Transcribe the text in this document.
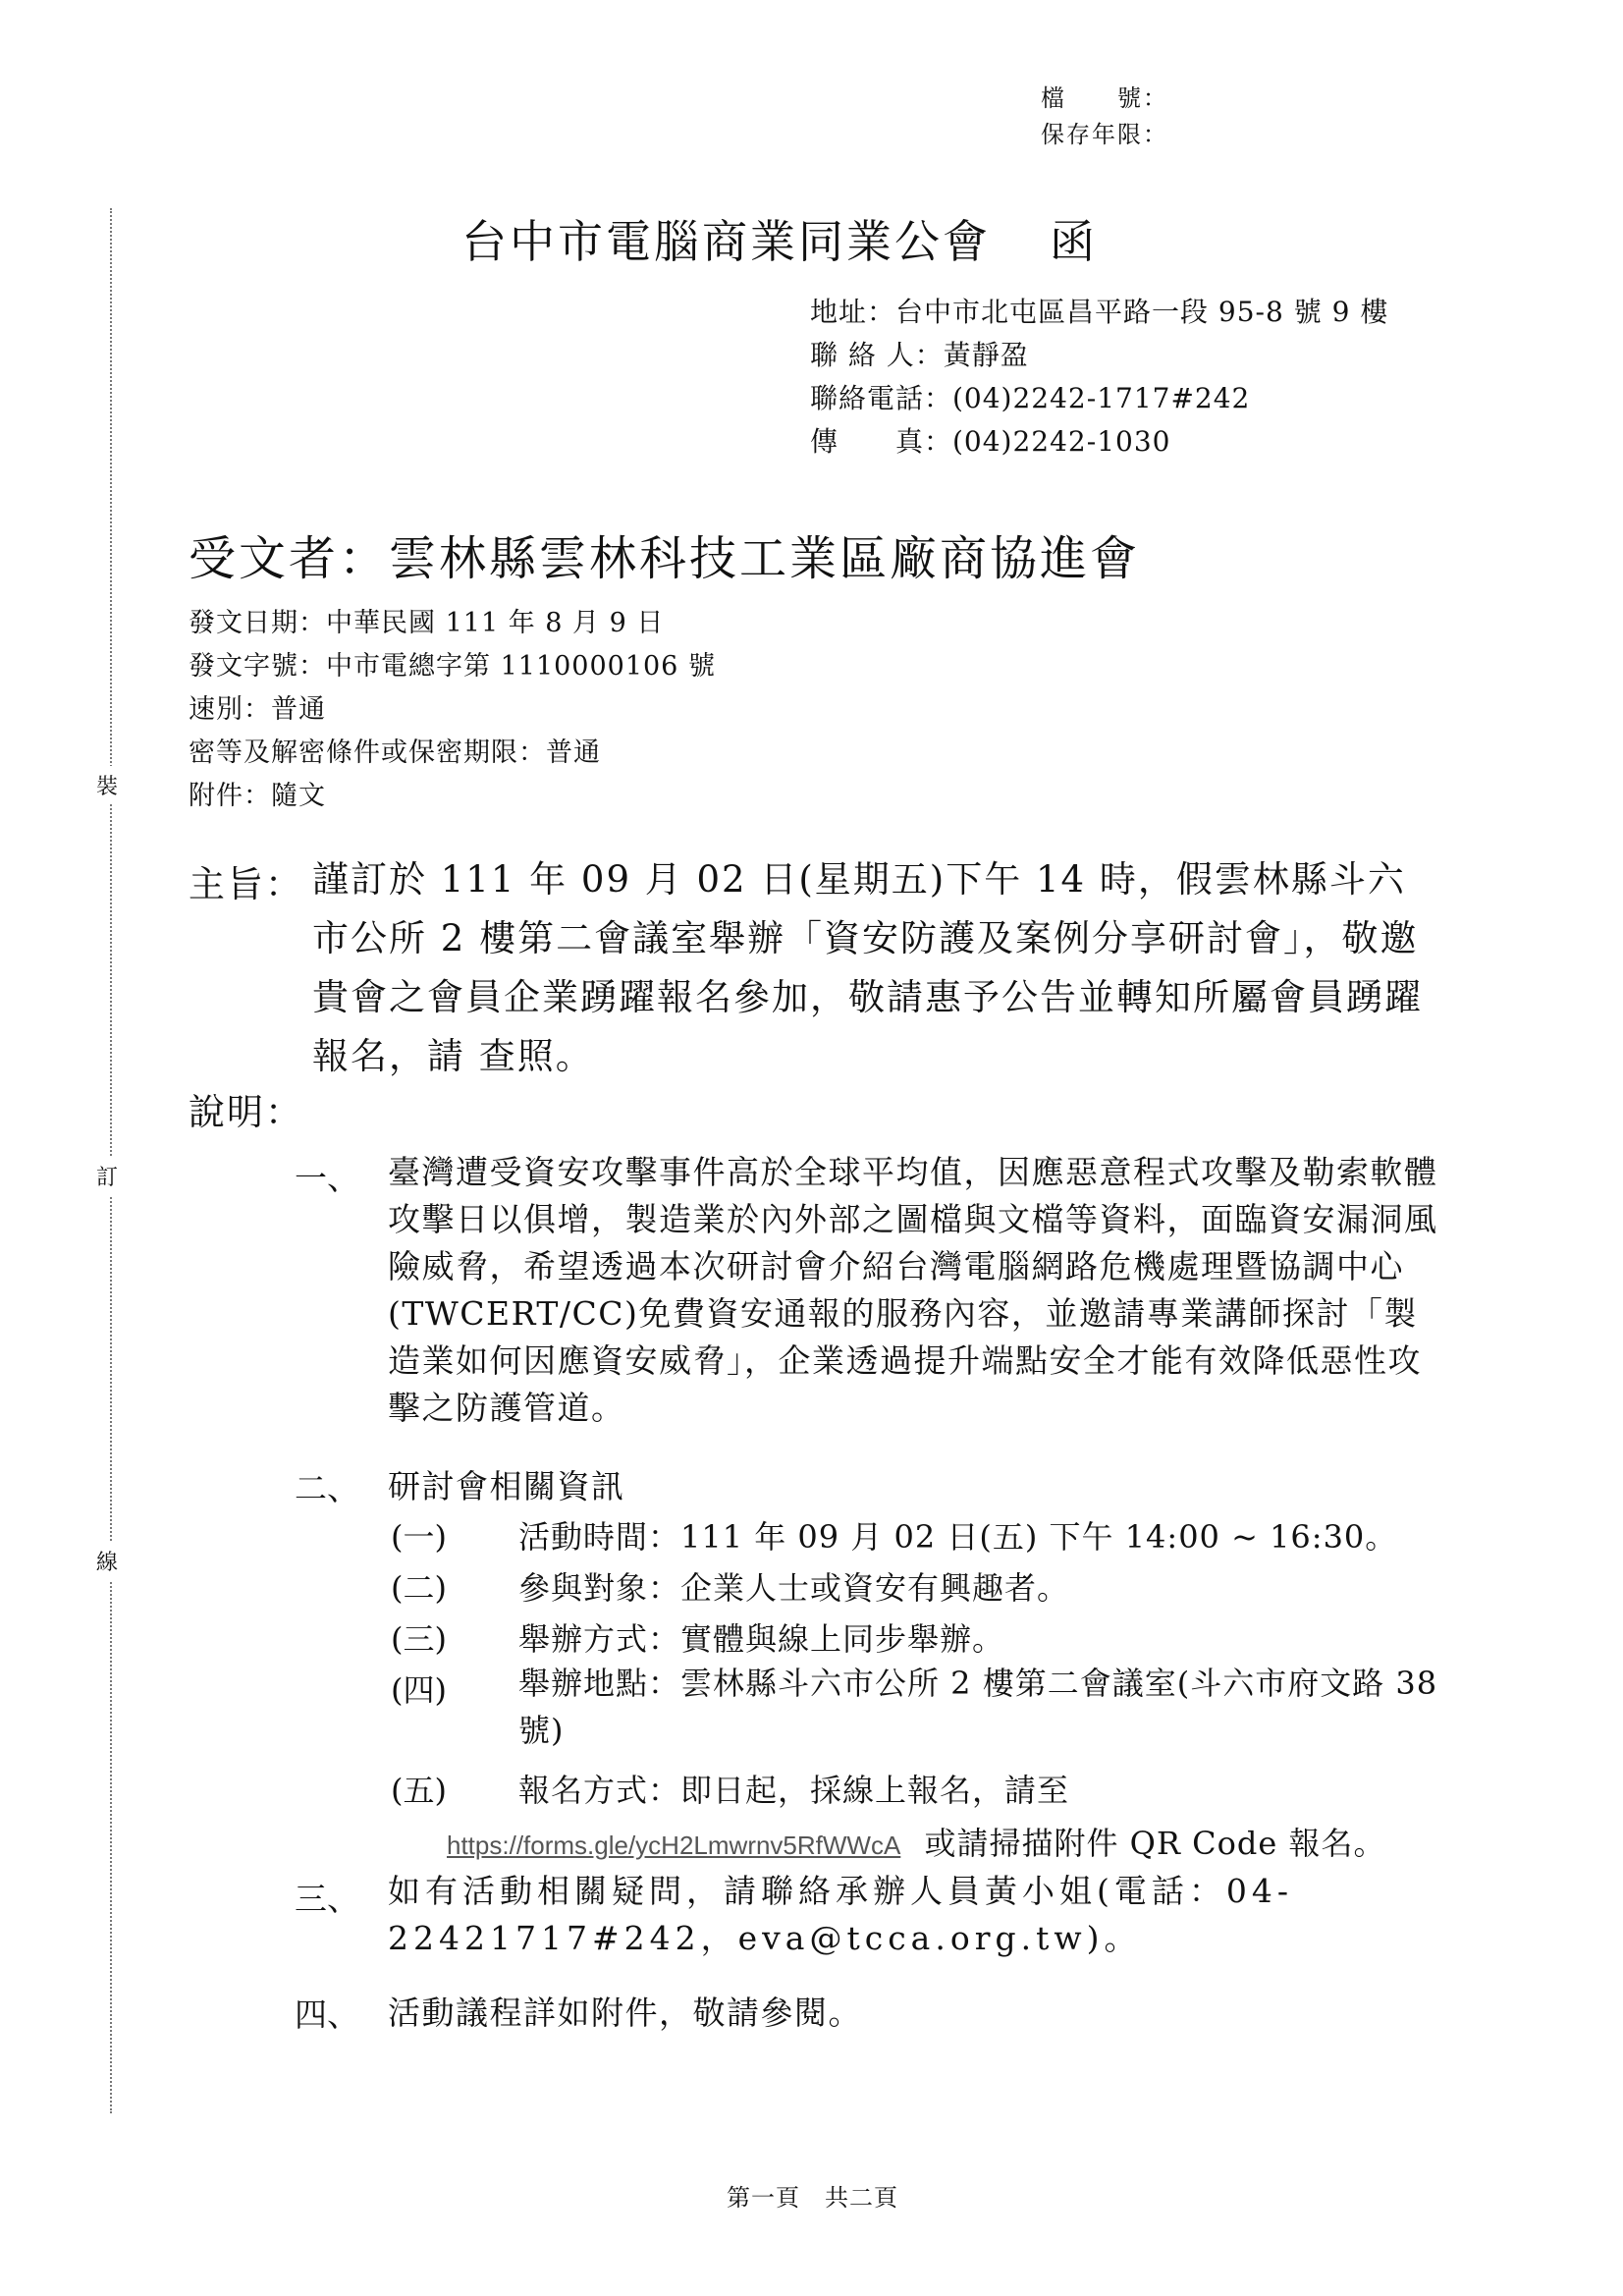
檔　　號：
保存年限：
裝
訂
線
台中市電腦商業同業公會 函
地址：台中市北屯區昌平路一段 95-8 號 9 樓
聯 絡 人：黃靜盈
聯絡電話：(04)2242-1717#242
傳　　真：(04)2242-1030
受文者：雲林縣雲林科技工業區廠商協進會
發文日期：中華民國 111 年 8 月 9 日
發文字號：中市電總字第 1110000106 號
速別：普通
密等及解密條件或保密期限：普通
附件：隨文
主旨： 謹訂於 111 年 09 月 02 日(星期五)下午 14 時，假雲林縣斗六市公所 2 樓第二會議室舉辦「資安防護及案例分享研討會」，敬邀 貴會之會員企業踴躍報名參加，敬請惠予公告並轉知所屬會員踴躍報名，請 查照。
說明：
一、 臺灣遭受資安攻擊事件高於全球平均值，因應惡意程式攻擊及勒索軟體攻擊日以俱增，製造業於內外部之圖檔與文檔等資料，面臨資安漏洞風險威脅，希望透過本次研討會介紹台灣電腦網路危機處理暨協調中心(TWCERT/CC)免費資安通報的服務內容，並邀請專業講師探討「製造業如何因應資安威脅」，企業透過提升端點安全才能有效降低惡性攻擊之防護管道。
二、 研討會相關資訊
(一) 活動時間：111 年 09 月 02 日(五) 下午 14:00 ~ 16:30。
(二) 參與對象：企業人士或資安有興趣者。
(三) 舉辦方式：實體與線上同步舉辦。
(四) 舉辦地點：雲林縣斗六市公所 2 樓第二會議室(斗六市府文路 38 號)
(五) 報名方式：即日起，採線上報名，請至
https://forms.gle/ycH2Lmwrnv5RfWWcA 或請掃描附件 QR Code 報名。
三、 如有活動相關疑問，請聯絡承辦人員黃小姐(電話：04-22421717#242，eva@tcca.org.tw)。
四、 活動議程詳如附件，敬請參閱。
第一頁　共二頁
